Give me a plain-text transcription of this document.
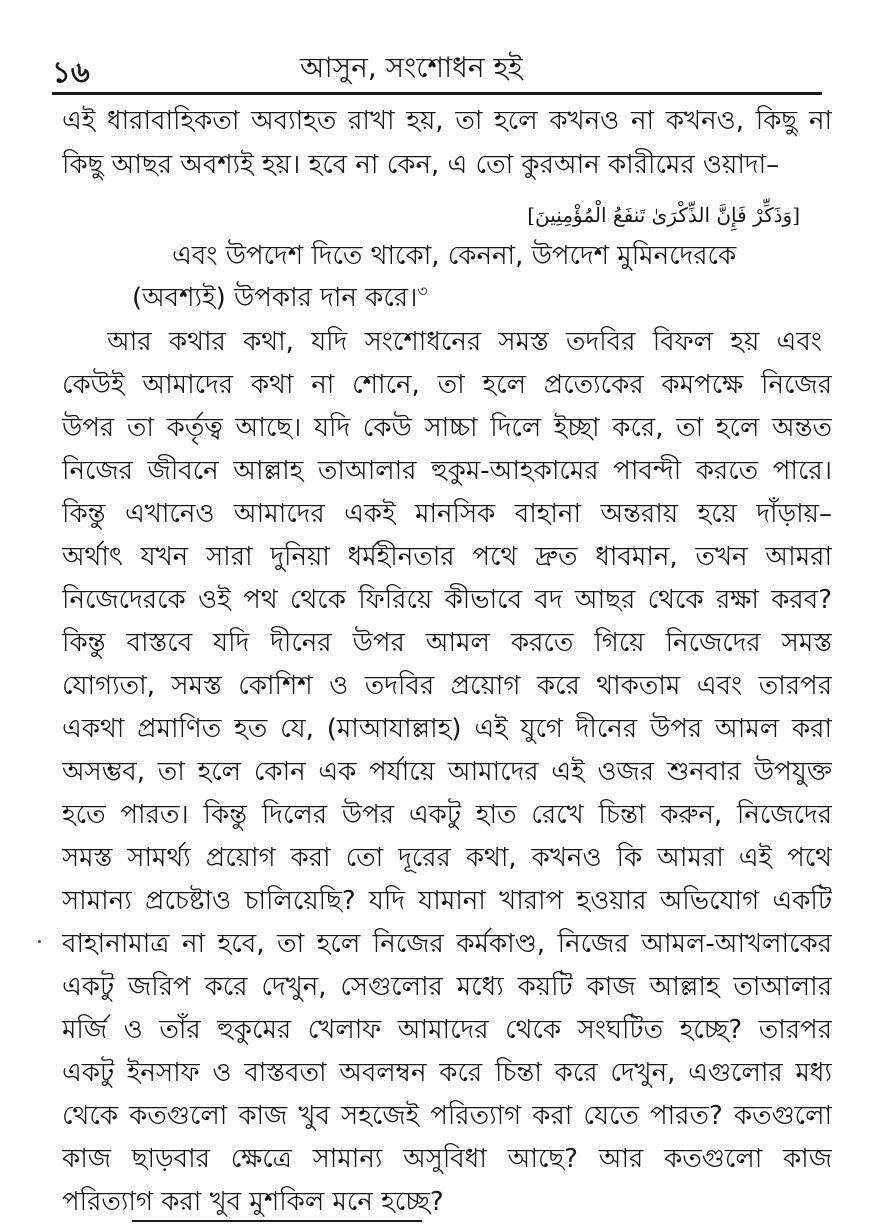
১৬	আসুন, সংশোধন হই
এই ধারাবাহিকতা অব্যাহত রাখা হয়, তা হলে কখনও না কখনও, কিছু না
কিছু আছর অবশ্যই হয়। হবে না কেন, এ তো কুরআন কারীমের ওয়াদা–
[وَذَكِّرْ فَإِنَّ الذِّكْرَىٰ تَنفَعُ الْمُؤْمِنِينَ]
এবং উপদেশ দিতে থাকো, কেননা, উপদেশ মুমিনদেরকে
(অবশ্যই) উপকার দান করে।$^৩$
আর কথার কথা, যদি সংশোধনের সমস্ত তদবির বিফল হয় এবং
কেউই আমাদের কথা না শোনে, তা হলে প্রত্যেকের কমপক্ষে নিজের
উপর তা কর্তৃত্ব আছে। যদি কেউ সাচ্চা দিলে ইচ্ছা করে, তা হলে অন্তত
নিজের জীবনে আল্লাহ তাআলার হুকুম-আহকামের পাবন্দী করতে পারে।
কিন্তু এখানেও আমাদের একই মানসিক বাহানা অন্তরায় হয়ে দাঁড়ায়–
অর্থাৎ যখন সারা দুনিয়া ধর্মহীনতার পথে দ্রুত ধাবমান, তখন আমরা
নিজেদেরকে ওই পথ থেকে ফিরিয়ে কীভাবে বদ আছর থেকে রক্ষা করব?
কিন্তু বাস্তবে যদি দীনের উপর আমল করতে গিয়ে নিজেদের সমস্ত
যোগ্যতা, সমস্ত কোশিশ ও তদবির প্রয়োগ করে থাকতাম এবং তারপর
একথা প্রমাণিত হত যে, (মাআযাল্লাহ) এই যুগে দীনের উপর আমল করা
অসম্ভব, তা হলে কোন এক পর্যায়ে আমাদের এই ওজর শুনবার উপযুক্ত
হতে পারত। কিন্তু দিলের উপর একটু হাত রেখে চিন্তা করুন, নিজেদের
সমস্ত সামর্থ্য প্রয়োগ করা তো দূরের কথা, কখনও কি আমরা এই পথে
সামান্য প্রচেষ্টাও চালিয়েছি? যদি যামানা খারাপ হওয়ার অভিযোগ একটি
বাহানামাত্র না হবে, তা হলে নিজের কর্মকাণ্ড, নিজের আমল-আখলাকের
একটু জরিপ করে দেখুন, সেগুলোর মধ্যে কয়টি কাজ আল্লাহ তাআলার
মর্জি ও তাঁর হুকুমের খেলাফ আমাদের থেকে সংঘটিত হচ্ছে? তারপর
একটু ইনসাফ ও বাস্তবতা অবলম্বন করে চিন্তা করে দেখুন, এগুলোর মধ্য
থেকে কতগুলো কাজ খুব সহজেই পরিত্যাগ করা যেতে পারত? কতগুলো
কাজ ছাড়বার ক্ষেত্রে সামান্য অসুবিধা আছে? আর কতগুলো কাজ
পরিত্যাগ করা খুব মুশকিল মনে হচ্ছে?
